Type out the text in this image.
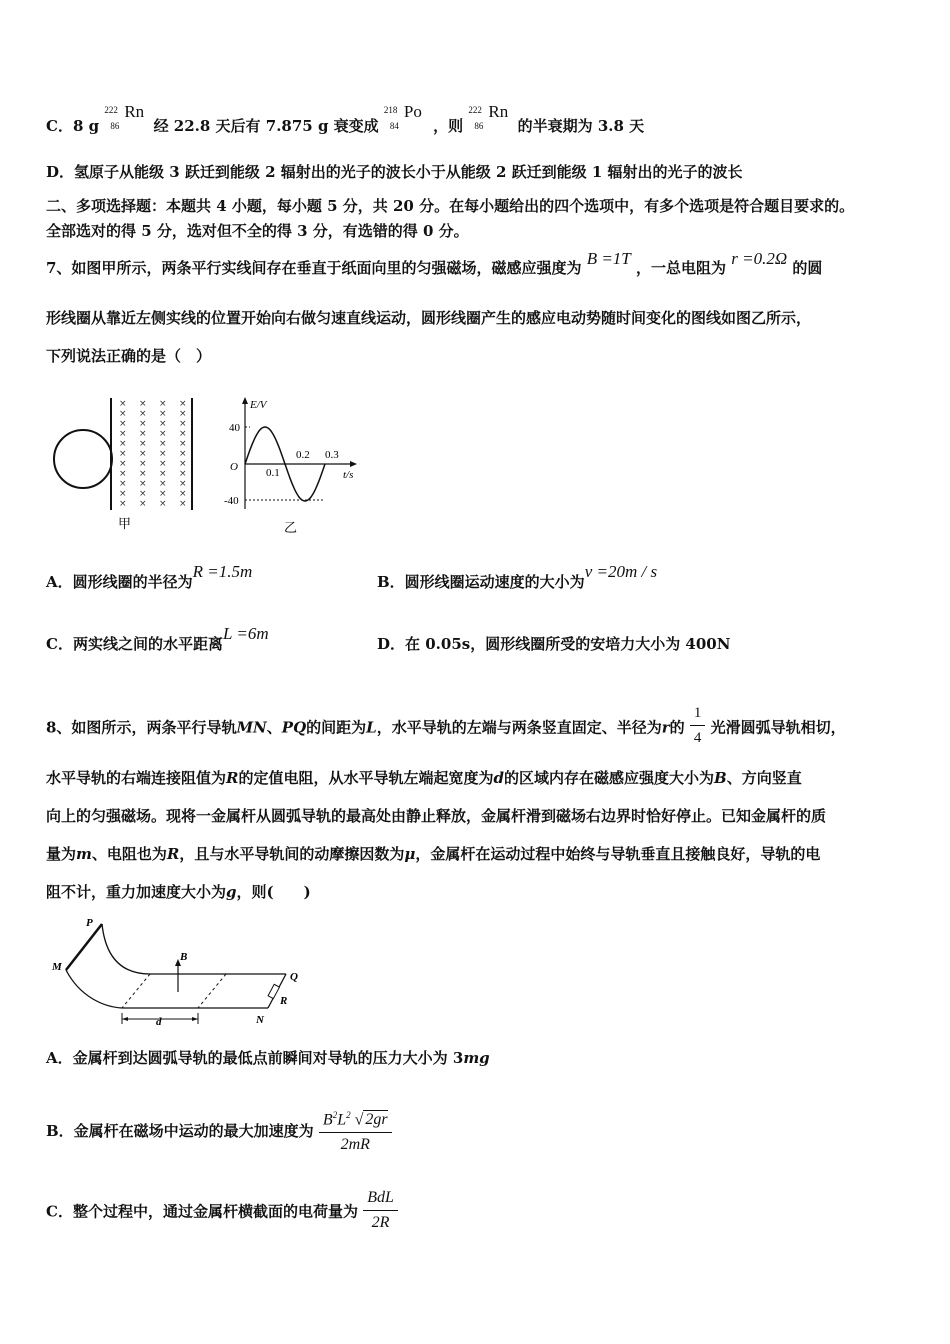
C．8 g
222
86
Rn
经 22.8 天后有 7.875 g 衰变成
218
84
Po
，则
222
86
Rn
的半衰期为 3.8 天
D．氢原子从能级 3 跃迁到能级 2 辐射出的光子的波长小于从能级 2 跃迁到能级 1 辐射出的光子的波长
二、多项选择题：本题共 4 小题，每小题 5 分，共 20 分。在每小题给出的四个选项中，有多个选项是符合题目要求的。
全部选对的得 5 分，选对但不全的得 3 分，有选错的得 0 分。
7、如图甲所示，两条平行实线间存在垂直于纸面向里的匀强磁场，磁感应强度为 B =1T ，一总电阻为 r =0.2Ω 的圆
形线圈从靠近左侧实线的位置开始向右做匀速直线运动，圆形线圈产生的感应电动势随时间变化的图线如图乙所示，
下列说法正确的是（　）
× × × ×
× × × ×
× × × ×
× × × ×
× × × ×
× × × ×
× × × ×
× × × ×
× × × ×
× × × ×
× × × ×
甲
E/V
t/s
O
40
-40
0.1
0.2 0.3
乙
A．圆形线圈的半径为R =1.5m
B．圆形线圈运动速度的大小为v =20m / s
C．两实线之间的水平距离L =6m
D．在 0.05s，圆形线圈所受的安培力大小为 400N
8、如图所示，两条平行导轨MN、PQ的间距为L，水平导轨的左端与两条竖直固定、半径为r的 $\frac{1}{4}$ 光滑圆弧导轨相切，
水平导轨的右端连接阻值为R的定值电阻，从水平导轨左端起宽度为d的区域内存在磁感应强度大小为B、方向竖直
向上的匀强磁场。现将一金属杆从圆弧导轨的最高处由静止释放，金属杆滑到磁场右边界时恰好停止。已知金属杆的质
量为m、电阻也为R，且与水平导轨间的动摩擦因数为μ，金属杆在运动过程中始终与导轨垂直且接触良好，导轨的电
阻不计，重力加速度大小为g，则(　　)
P
M
B
Q
R
N
d
A．金属杆到达圆弧导轨的最低点前瞬间对导轨的压力大小为 3mg
B．金属杆在磁场中运动的最大加速度为 $\frac{B^2L^2 √ 2gr}{2mR}$
C．整个过程中，通过金属杆横截面的电荷量为 $\frac{\text{BdL}}{2R}$
